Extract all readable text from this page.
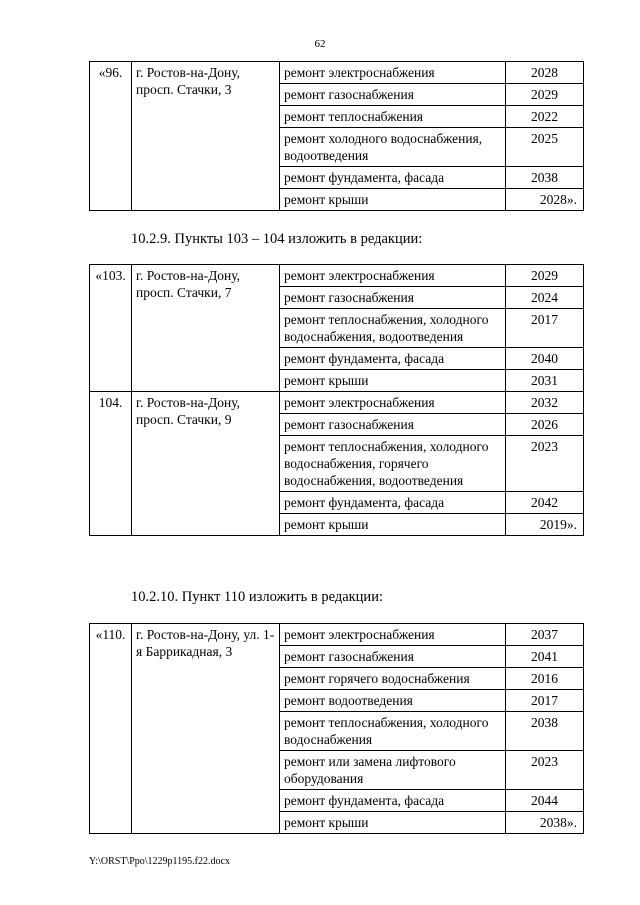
62
«96.	г. Ростов-на-Дону, просп. Стачки, 3	ремонт электроснабжения	2028
		ремонт газоснабжения	2029
		ремонт теплоснабжения	2022
		ремонт холодного водоснабжения, водоотведения	2025
		ремонт фундамента, фасада	2038
		ремонт крыши	2028».
10.2.9. Пункты 103 – 104 изложить в редакции:
«103.	г. Ростов-на-Дону, просп. Стачки, 7	ремонт электроснабжения	2029
		ремонт газоснабжения	2024
		ремонт теплоснабжения, холодного водоснабжения, водоотведения	2017
		ремонт фундамента, фасада	2040
		ремонт крыши	2031
104.	г. Ростов-на-Дону, просп. Стачки, 9	ремонт электроснабжения	2032
		ремонт газоснабжения	2026
		ремонт теплоснабжения, холодного водоснабжения, горячего водоснабжения, водоотведения	2023
		ремонт фундамента, фасада	2042
		ремонт крыши	2019».
10.2.10. Пункт 110 изложить в редакции:
«110.	г. Ростов-на-Дону, ул. 1-я Баррикадная, 3	ремонт электроснабжения	2037
		ремонт газоснабжения	2041
		ремонт горячего водоснабжения	2016
		ремонт водоотведения	2017
		ремонт теплоснабжения, холодного водоснабжения	2038
		ремонт или замена лифтового оборудования	2023
		ремонт фундамента, фасада	2044
		ремонт крыши	2038».
Y:\ORST\Ppo\1229p1195.f22.docx
